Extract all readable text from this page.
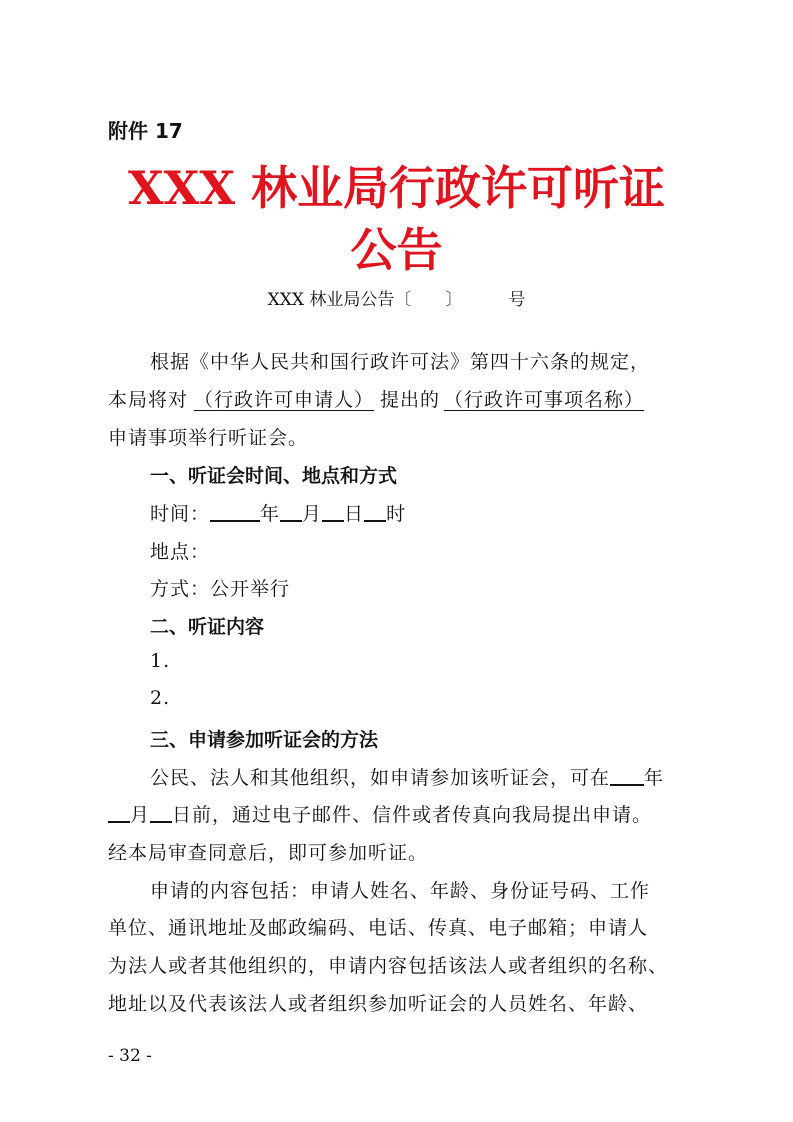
附件 17
XXX 林业局行政许可听证
公告
XXX 林业局公告〔 〕	号
根据《中华人民共和国行政许可法》第四十六条的规定，
本局将对 （行政许可申请人） 提出的 （行政许可事项名称）
申请事项举行听证会。
一、听证会时间、地点和方式
时间：	年 月 日 时
地点：
方式：公开举行
二、听证内容
1.
2.
三、申请参加听证会的方法
公民、法人和其他组织，如申请参加该听证会，可在 年
月 日前，通过电子邮件、信件或者传真向我局提出申请。
经本局审查同意后，即可参加听证。
申请的内容包括：申请人姓名、年龄、身份证号码、工作
单位、通讯地址及邮政编码、电话、传真、电子邮箱；申请人
为法人或者其他组织的，申请内容包括该法人或者组织的名称、
地址以及代表该法人或者组织参加听证会的人员姓名、年龄、
- 32 -
